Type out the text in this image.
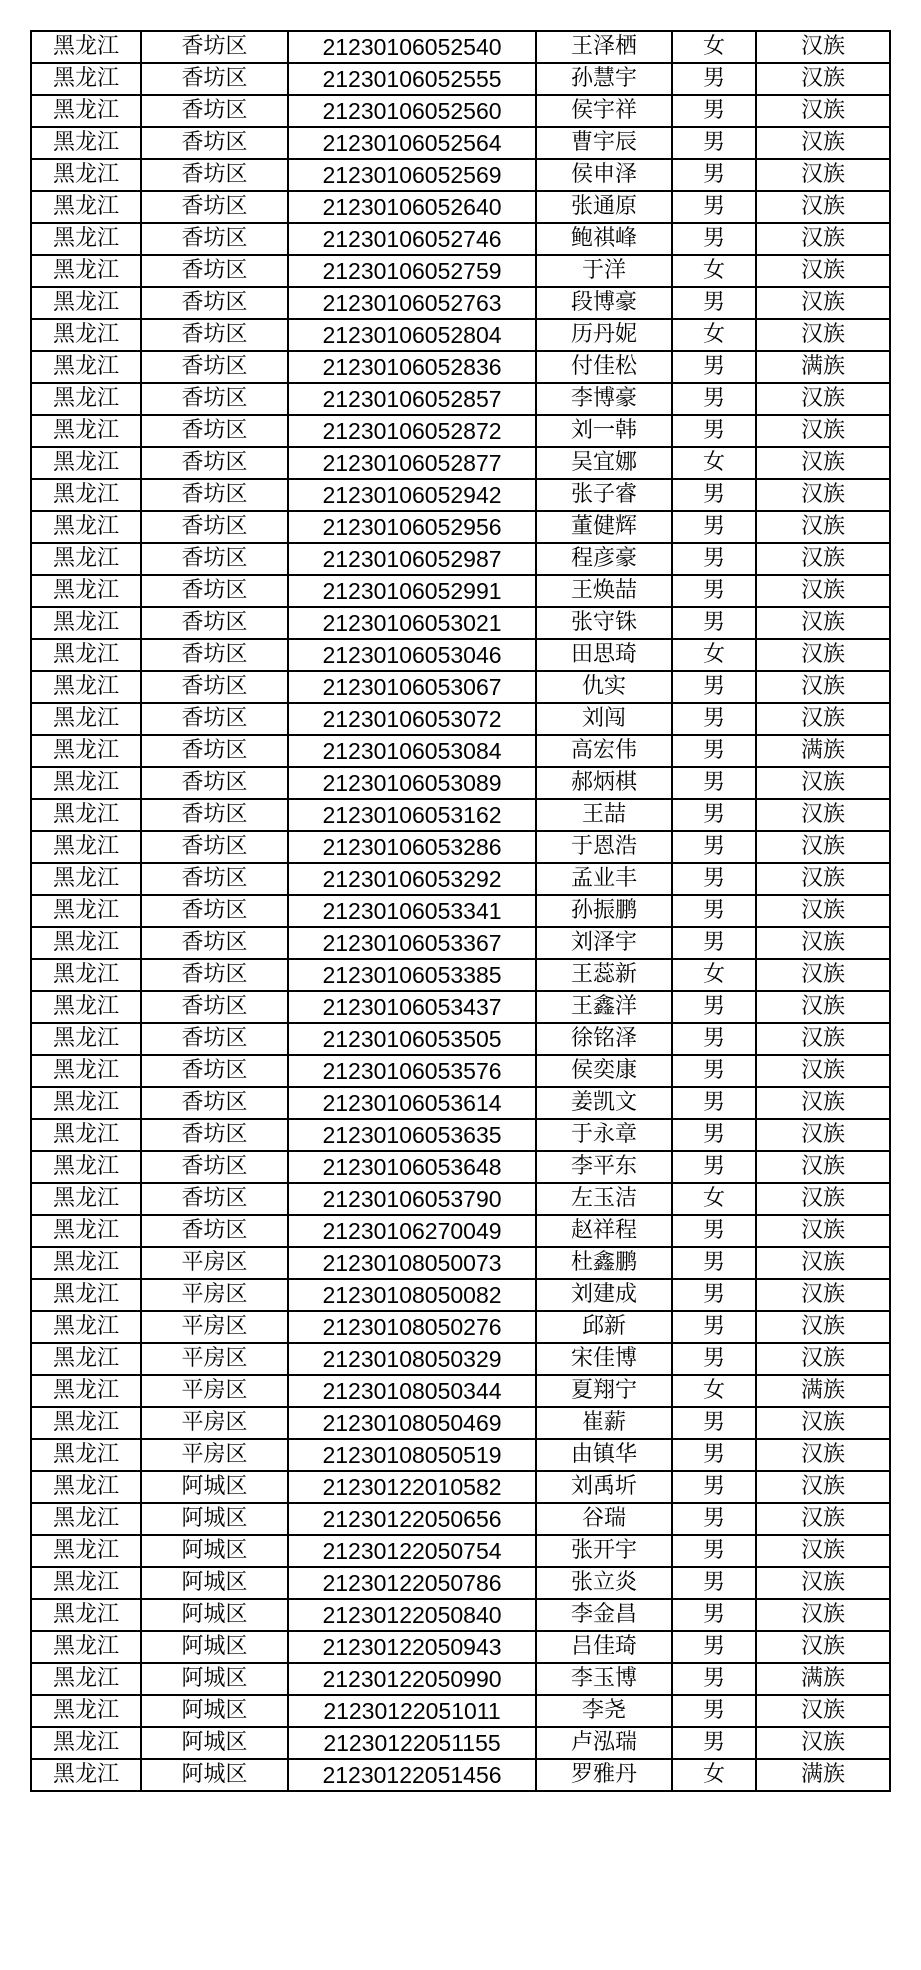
黑龙江	香坊区	21230106052540	王泽栖	女	汉族
黑龙江	香坊区	21230106052555	孙慧宇	男	汉族
黑龙江	香坊区	21230106052560	侯宇祥	男	汉族
黑龙江	香坊区	21230106052564	曹宇辰	男	汉族
黑龙江	香坊区	21230106052569	侯申泽	男	汉族
黑龙江	香坊区	21230106052640	张通原	男	汉族
黑龙江	香坊区	21230106052746	鲍祺峰	男	汉族
黑龙江	香坊区	21230106052759	于洋	女	汉族
黑龙江	香坊区	21230106052763	段博豪	男	汉族
黑龙江	香坊区	21230106052804	历丹妮	女	汉族
黑龙江	香坊区	21230106052836	付佳松	男	满族
黑龙江	香坊区	21230106052857	李博豪	男	汉族
黑龙江	香坊区	21230106052872	刘一韩	男	汉族
黑龙江	香坊区	21230106052877	吴宜娜	女	汉族
黑龙江	香坊区	21230106052942	张子睿	男	汉族
黑龙江	香坊区	21230106052956	董健辉	男	汉族
黑龙江	香坊区	21230106052987	程彦豪	男	汉族
黑龙江	香坊区	21230106052991	王焕喆	男	汉族
黑龙江	香坊区	21230106053021	张守铢	男	汉族
黑龙江	香坊区	21230106053046	田思琦	女	汉族
黑龙江	香坊区	21230106053067	仇实	男	汉族
黑龙江	香坊区	21230106053072	刘闯	男	汉族
黑龙江	香坊区	21230106053084	高宏伟	男	满族
黑龙江	香坊区	21230106053089	郝炳棋	男	汉族
黑龙江	香坊区	21230106053162	王喆	男	汉族
黑龙江	香坊区	21230106053286	于恩浩	男	汉族
黑龙江	香坊区	21230106053292	孟业丰	男	汉族
黑龙江	香坊区	21230106053341	孙振鹏	男	汉族
黑龙江	香坊区	21230106053367	刘泽宇	男	汉族
黑龙江	香坊区	21230106053385	王蕊新	女	汉族
黑龙江	香坊区	21230106053437	王鑫洋	男	汉族
黑龙江	香坊区	21230106053505	徐铭泽	男	汉族
黑龙江	香坊区	21230106053576	侯奕康	男	汉族
黑龙江	香坊区	21230106053614	姜凯文	男	汉族
黑龙江	香坊区	21230106053635	于永章	男	汉族
黑龙江	香坊区	21230106053648	李平东	男	汉族
黑龙江	香坊区	21230106053790	左玉洁	女	汉族
黑龙江	香坊区	21230106270049	赵祥程	男	汉族
黑龙江	平房区	21230108050073	杜鑫鹏	男	汉族
黑龙江	平房区	21230108050082	刘建成	男	汉族
黑龙江	平房区	21230108050276	邱新	男	汉族
黑龙江	平房区	21230108050329	宋佳博	男	汉族
黑龙江	平房区	21230108050344	夏翔宁	女	满族
黑龙江	平房区	21230108050469	崔薪	男	汉族
黑龙江	平房区	21230108050519	由镇华	男	汉族
黑龙江	阿城区	21230122010582	刘禹圻	男	汉族
黑龙江	阿城区	21230122050656	谷瑞	男	汉族
黑龙江	阿城区	21230122050754	张开宇	男	汉族
黑龙江	阿城区	21230122050786	张立炎	男	汉族
黑龙江	阿城区	21230122050840	李金昌	男	汉族
黑龙江	阿城区	21230122050943	吕佳琦	男	汉族
黑龙江	阿城区	21230122050990	李玉博	男	满族
黑龙江	阿城区	21230122051011	李尧	男	汉族
黑龙江	阿城区	21230122051155	卢泓瑞	男	汉族
黑龙江	阿城区	21230122051456	罗雅丹	女	满族
